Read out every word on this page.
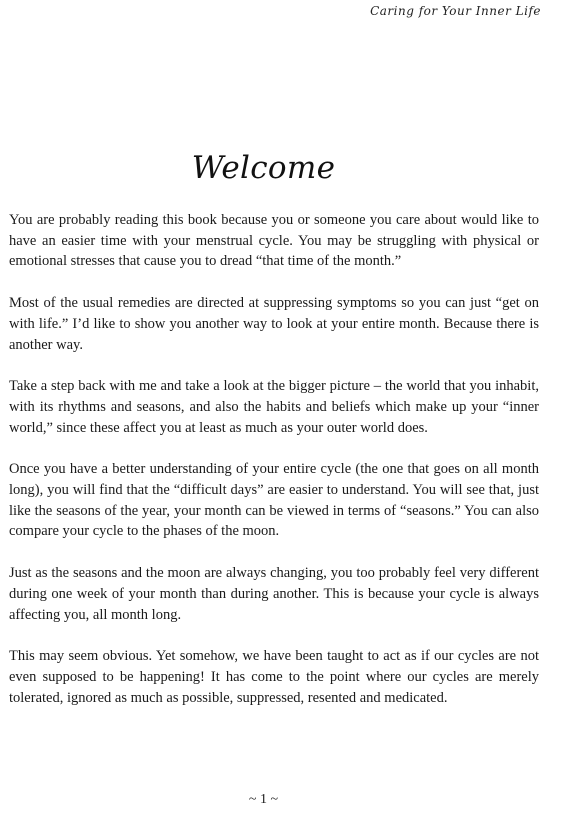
Caring for Your Inner Life
Welcome

You are probably reading this book because you or someone you care about would like to have an easier time with your menstrual cycle. You may be struggling with physical or emotional stresses that cause you to dread “that time of the month.”

Most of the usual remedies are directed at suppressing symptoms so you can just “get on with life.” I’d like to show you another way to look at your entire month. Because there is another way.

Take a step back with me and take a look at the bigger picture – the world that you inhabit, with its rhythms and seasons, and also the habits and beliefs which make up your “inner world,” since these affect you at least as much as your outer world does.

Once you have a better understanding of your entire cycle (the one that goes on all month long), you will find that the “difficult days” are easier to understand. You will see that, just like the seasons of the year, your month can be viewed in terms of “seasons.” You can also compare your cycle to the phases of the moon.

Just as the seasons and the moon are always changing, you too probably feel very different during one week of your month than during another. This is because your cycle is always affecting you, all month long.

This may seem obvious. Yet somehow, we have been taught to act as if our cycles are not even supposed to be happening! It has come to the point where our cycles are merely tolerated, ignored as much as possible, suppressed, resented and medicated.

~ 1 ~
